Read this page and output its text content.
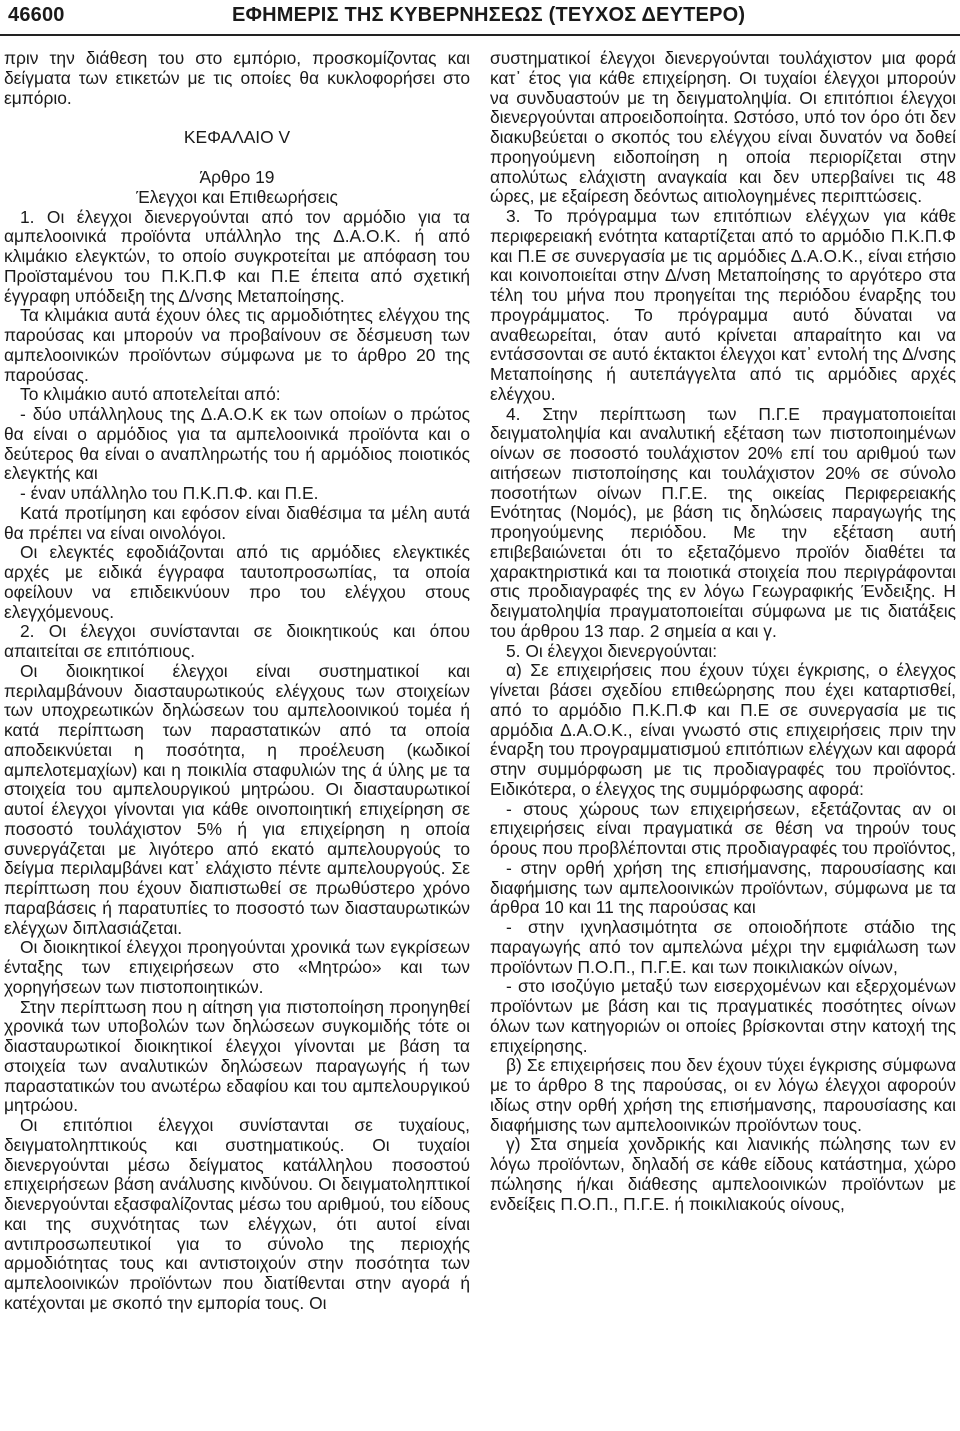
46600	ΕΦΗΜΕΡΙΣ ΤΗΣ ΚΥΒΕΡΝΗΣΕΩΣ (ΤΕΥΧΟΣ ΔΕΥΤΕΡΟ)

πριν την διάθεση του στο εμπόριο, προσκομίζοντας και δείγματα των ετικετών με τις οποίες θα κυκλοφορήσει στο εμπόριο.

ΚΕΦΑΛΑΙΟ V

Άρθρο 19

Έλεγχοι και Επιθεωρήσεις

1. Οι έλεγχοι διενεργούνται από τον αρμόδιο για τα αμπελοοινικά προϊόντα υπάλληλο της Δ.Α.Ο.Κ. ή από κλιμάκιο ελεγκτών, το οποίο συγκροτείται με απόφαση του Προϊσταμένου του Π.Κ.Π.Φ και Π.Ε έπειτα από σχετική έγγραφη υπόδειξη της Δ/νσης Μεταποίησης.

Τα κλιμάκια αυτά έχουν όλες τις αρμοδιότητες ελέγχου της παρούσας και μπορούν να προβαίνουν σε δέσμευση των αμπελοοινικών προϊόντων σύμφωνα με το άρθρο 20 της παρούσας.

Το κλιμάκιο αυτό αποτελείται από:

- δύο υπάλληλους της Δ.Α.Ο.Κ εκ των οποίων ο πρώτος θα είναι ο αρμόδιος για τα αμπελοοινικά προϊόντα και ο δεύτερος θα είναι ο αναπληρωτής του ή αρμόδιος ποιοτικός ελεγκτής και

- έναν υπάλληλο του Π.Κ.Π.Φ. και Π.Ε.

Κατά προτίμηση και εφόσον είναι διαθέσιμα τα μέλη αυτά θα πρέπει να είναι οινολόγοι.

Οι ελεγκτές εφοδιάζονται από τις αρμόδιες ελεγκτικές αρχές με ειδικά έγγραφα ταυτοπροσωπίας, τα οποία οφείλουν να επιδεικνύουν προ του ελέγχου στους ελεγχόμενους.

2. Οι έλεγχοι συνίστανται σε διοικητικούς και όπου απαιτείται σε επιτόπιους.

Οι διοικητικοί έλεγχοι είναι συστηματικοί και περιλαμβάνουν διασταυρωτικούς ελέγχους των στοιχείων των υποχρεωτικών δηλώσεων του αμπελοοινικού τομέα ή κατά περίπτωση των παραστατικών από τα οποία αποδεικνύεται η ποσότητα, η προέλευση (κωδικοί αμπελοτεμαχίων) και η ποικιλία σταφυλιών της ά ύλης με τα στοιχεία του αμπελουργικού μητρώου. Οι διασταυρωτικοί αυτοί έλεγχοι γίνονται για κάθε οινοποιητική επιχείρηση σε ποσοστό τουλάχιστον 5% ή για επιχείρηση η οποία συνεργάζεται με λιγότερο από εκατό αμπελουργούς το δείγμα περιλαμβάνει κατ᾽ ελάχιστο πέντε αμπελουργούς. Σε περίπτωση που έχουν διαπιστωθεί σε πρωθύστερο χρόνο παραβάσεις ή παρατυπίες το ποσοστό των διασταυρωτικών ελέγχων διπλασιάζεται.

Οι διοικητικοί έλεγχοι προηγούνται χρονικά των εγκρίσεων ένταξης των επιχειρήσεων στο «Μητρώο» και των χορηγήσεων των πιστοποιητικών.

Στην περίπτωση που η αίτηση για πιστοποίηση προηγηθεί χρονικά των υποβολών των δηλώσεων συγκομιδής τότε οι διασταυρωτικοί διοικητικοί έλεγχοι γίνονται με βάση τα στοιχεία των αναλυτικών δηλώσεων παραγωγής ή των παραστατικών του ανωτέρω εδαφίου και του αμπελουργικού μητρώου.

Οι επιτόπιοι έλεγχοι συνίστανται σε τυχαίους, δειγματοληπτικούς και συστηματικούς. Οι τυχαίοι διενεργούνται μέσω δείγματος κατάλληλου ποσοστού επιχειρήσεων βάση ανάλυσης κινδύνου. Οι δειγματοληπτικοί διενεργούνται εξασφαλίζοντας μέσω του αριθμού, του είδους και της συχνότητας των ελέγχων, ότι αυτοί είναι αντιπροσωπευτικοί για το σύνολο της περιοχής αρμοδιότητας τους και αντιστοιχούν στην ποσότητα των αμπελοοινικών προϊόντων που διατίθενται στην αγορά ή κατέχονται με σκοπό την εμπορία τους. Οι

συστηματικοί έλεγχοι διενεργούνται τουλάχιστον μια φορά κατ᾽ έτος για κάθε επιχείρηση. Οι τυχαίοι έλεγχοι μπορούν να συνδυαστούν με τη δειγματοληψία. Οι επιτόπιοι έλεγχοι διενεργούνται απροειδοποίητα. Ωστόσο, υπό τον όρο ότι δεν διακυβεύεται ο σκοπός του ελέγχου είναι δυνατόν να δοθεί προηγούμενη ειδοποίηση η οποία περιορίζεται στην απολύτως ελάχιστη αναγκαία και δεν υπερβαίνει τις 48 ώρες, με εξαίρεση δεόντως αιτιολογημένες περιπτώσεις.

3. Το πρόγραμμα των επιτόπιων ελέγχων για κάθε περιφερειακή ενότητα καταρτίζεται από το αρμόδιο Π.Κ.Π.Φ και Π.Ε σε συνεργασία με τις αρμόδιες Δ.Α.Ο.Κ., είναι ετήσιο και κοινοποιείται στην Δ/νση Μεταποίησης το αργότερο στα τέλη του μήνα που προηγείται της περιόδου έναρξης του προγράμματος. Το πρόγραμμα αυτό δύναται να αναθεωρείται, όταν αυτό κρίνεται απαραίτητο και να εντάσσονται σε αυτό έκτακτοι έλεγχοι κατ᾽ εντολή της Δ/νσης Μεταποίησης ή αυτεπάγγελτα από τις αρμόδιες αρχές ελέγχου.

4. Στην περίπτωση των Π.Γ.Ε πραγματοποιείται δειγματοληψία και αναλυτική εξέταση των πιστοποιημένων οίνων σε ποσοστό τουλάχιστον 20% επί του αριθμού των αιτήσεων πιστοποίησης και τουλάχιστον 20% σε σύνολο ποσοτήτων οίνων Π.Γ.Ε. της οικείας Περιφερειακής Ενότητας (Νομός), με βάση τις δηλώσεις παραγωγής της προηγούμενης περιόδου. Με την εξέταση αυτή επιβεβαιώνεται ότι το εξεταζόμενο προϊόν διαθέτει τα χαρακτηριστικά και τα ποιοτικά στοιχεία που περιγράφονται στις προδιαγραφές της εν λόγω Γεωγραφικής Ένδειξης. Η δειγματοληψία πραγματοποιείται σύμφωνα με τις διατάξεις του άρθρου 13 παρ. 2 σημεία α και γ.

5. Οι έλεγχοι διενεργούνται:

α) Σε επιχειρήσεις που έχουν τύχει έγκρισης, ο έλεγχος γίνεται βάσει σχεδίου επιθεώρησης που έχει καταρτισθεί, από το αρμόδιο Π.Κ.Π.Φ και Π.Ε σε συνεργασία με τις αρμόδια Δ.Α.Ο.Κ., είναι γνωστό στις επιχειρήσεις πριν την έναρξη του προγραμματισμού επιτόπιων ελέγχων και αφορά στην συμμόρφωση με τις προδιαγραφές του προϊόντος. Ειδικότερα, ο έλεγχος της συμμόρφωσης αφορά:

- στους χώρους των επιχειρήσεων, εξετάζοντας αν οι επιχειρήσεις είναι πραγματικά σε θέση να τηρούν τους όρους που προβλέπονται στις προδιαγραφές του προϊόντος,

- στην ορθή χρήση της επισήμανσης, παρουσίασης και διαφήμισης των αμπελοοινικών προϊόντων, σύμφωνα με τα άρθρα 10 και 11 της παρούσας και

- στην ιχνηλασιμότητα σε οποιοδήποτε στάδιο της παραγωγής από τον αμπελώνα μέχρι την εμφιάλωση των προϊόντων Π.Ο.Π., Π.Γ.Ε. και των ποικιλιακών οίνων,

- στο ισοζύγιο μεταξύ των εισερχομένων και εξερχομένων προϊόντων με βάση και τις πραγματικές ποσότητες οίνων όλων των κατηγοριών οι οποίες βρίσκονται στην κατοχή της επιχείρησης.

β) Σε επιχειρήσεις που δεν έχουν τύχει έγκρισης σύμφωνα με το άρθρο 8 της παρούσας, οι εν λόγω έλεγχοι αφορούν ιδίως στην ορθή χρήση της επισήμανσης, παρουσίασης και διαφήμισης των αμπελοοινικών προϊόντων τους.

γ) Στα σημεία χονδρικής και λιανικής πώλησης των εν λόγω προϊόντων, δηλαδή σε κάθε είδους κατάστημα, χώρο πώλησης ή/και διάθεσης αμπελοοινικών προϊόντων με ενδείξεις Π.Ο.Π., Π.Γ.Ε. ή ποικιλιακούς οίνους,
